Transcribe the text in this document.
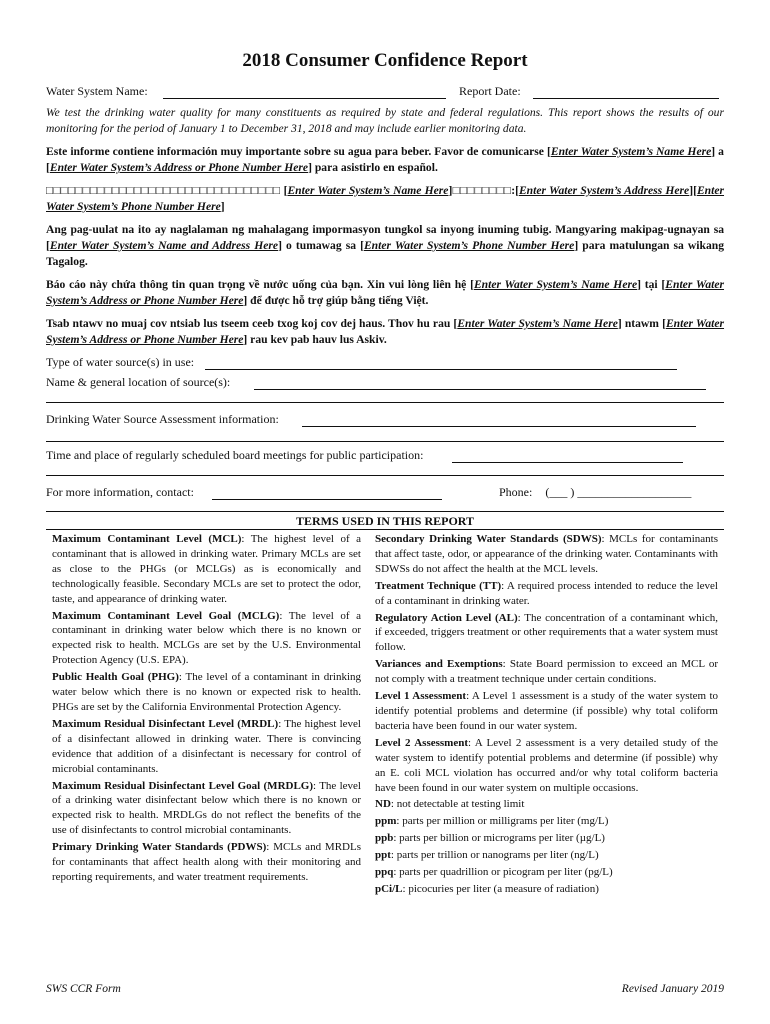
2018 Consumer Confidence Report
Water System Name:	Report Date:
We test the drinking water quality for many constituents as required by state and federal regulations. This report shows the results of our monitoring for the period of January 1 to December 31, 2018 and may include earlier monitoring data.
Este informe contiene información muy importante sobre su agua para beber. Favor de comunicarse [Enter Water System’s Name Here] a [Enter Water System’s Address or Phone Number Here] para asistirlo en español.
□□□□□□□□□□□□□□□□□□□□□□□□□□□□□□□□ [Enter Water System’s Name Here]□□□□□□□□:[Enter Water System’s Address Here][Enter Water System’s Phone Number Here]
Ang pag-uulat na ito ay naglalaman ng mahalagang impormasyon tungkol sa inyong inuming tubig. Mangyaring makipag-ugnayan sa [Enter Water System’s Name and Address Here] o tumawag sa [Enter Water System’s Phone Number Here] para matulungan sa wikang Tagalog.
Báo cáo này chứa thông tin quan trọng về nước uống của bạn. Xin vui lòng liên hệ [Enter Water System’s Name Here] tại [Enter Water System’s Address or Phone Number Here] để được hỗ trợ giúp bằng tiếng Việt.
Tsab ntawv no muaj cov ntsiab lus tseem ceeb txog koj cov dej haus. Thov hu rau [Enter Water System’s Name Here] ntawm [Enter Water System’s Address or Phone Number Here] rau kev pab hauv lus Askiv.
Type of water source(s) in use:
Name & general location of source(s):
Drinking Water Source Assessment information:
Time and place of regularly scheduled board meetings for public participation:
For more information, contact:	Phone: (___ ) ___________________
TERMS USED IN THIS REPORT

Maximum Contaminant Level (MCL): The highest level of a contaminant that is allowed in drinking water. Primary MCLs are set as close to the PHGs (or MCLGs) as is economically and technologically feasible. Secondary MCLs are set to protect the odor, taste, and appearance of drinking water.

Maximum Contaminant Level Goal (MCLG): The level of a contaminant in drinking water below which there is no known or expected risk to health. MCLGs are set by the U.S. Environmental Protection Agency (U.S. EPA).

Public Health Goal (PHG): The level of a contaminant in drinking water below which there is no known or expected risk to health. PHGs are set by the California Environmental Protection Agency.

Maximum Residual Disinfectant Level (MRDL): The highest level of a disinfectant allowed in drinking water. There is convincing evidence that addition of a disinfectant is necessary for control of microbial contaminants.

Maximum Residual Disinfectant Level Goal (MRDLG): The level of a drinking water disinfectant below which there is no known or expected risk to health. MRDLGs do not reflect the benefits of the use of disinfectants to control microbial contaminants.

Primary Drinking Water Standards (PDWS): MCLs and MRDLs for contaminants that affect health along with their monitoring and reporting requirements, and water treatment requirements.

Secondary Drinking Water Standards (SDWS): MCLs for contaminants that affect taste, odor, or appearance of the drinking water. Contaminants with SDWSs do not affect the health at the MCL levels.

Treatment Technique (TT): A required process intended to reduce the level of a contaminant in drinking water.

Regulatory Action Level (AL): The concentration of a contaminant which, if exceeded, triggers treatment or other requirements that a water system must follow.

Variances and Exemptions: State Board permission to exceed an MCL or not comply with a treatment technique under certain conditions.

Level 1 Assessment: A Level 1 assessment is a study of the water system to identify potential problems and determine (if possible) why total coliform bacteria have been found in our water system.

Level 2 Assessment: A Level 2 assessment is a very detailed study of the water system to identify potential problems and determine (if possible) why an E. coli MCL violation has occurred and/or why total coliform bacteria have been found in our water system on multiple occasions.

ND: not detectable at testing limit

ppm: parts per million or milligrams per liter (mg/L)

ppb: parts per billion or micrograms per liter (µg/L)

ppt: parts per trillion or nanograms per liter (ng/L)

ppq: parts per quadrillion or picogram per liter (pg/L)

pCi/L: picocuries per liter (a measure of radiation)

SWS CCR Form	Revised January 2019
